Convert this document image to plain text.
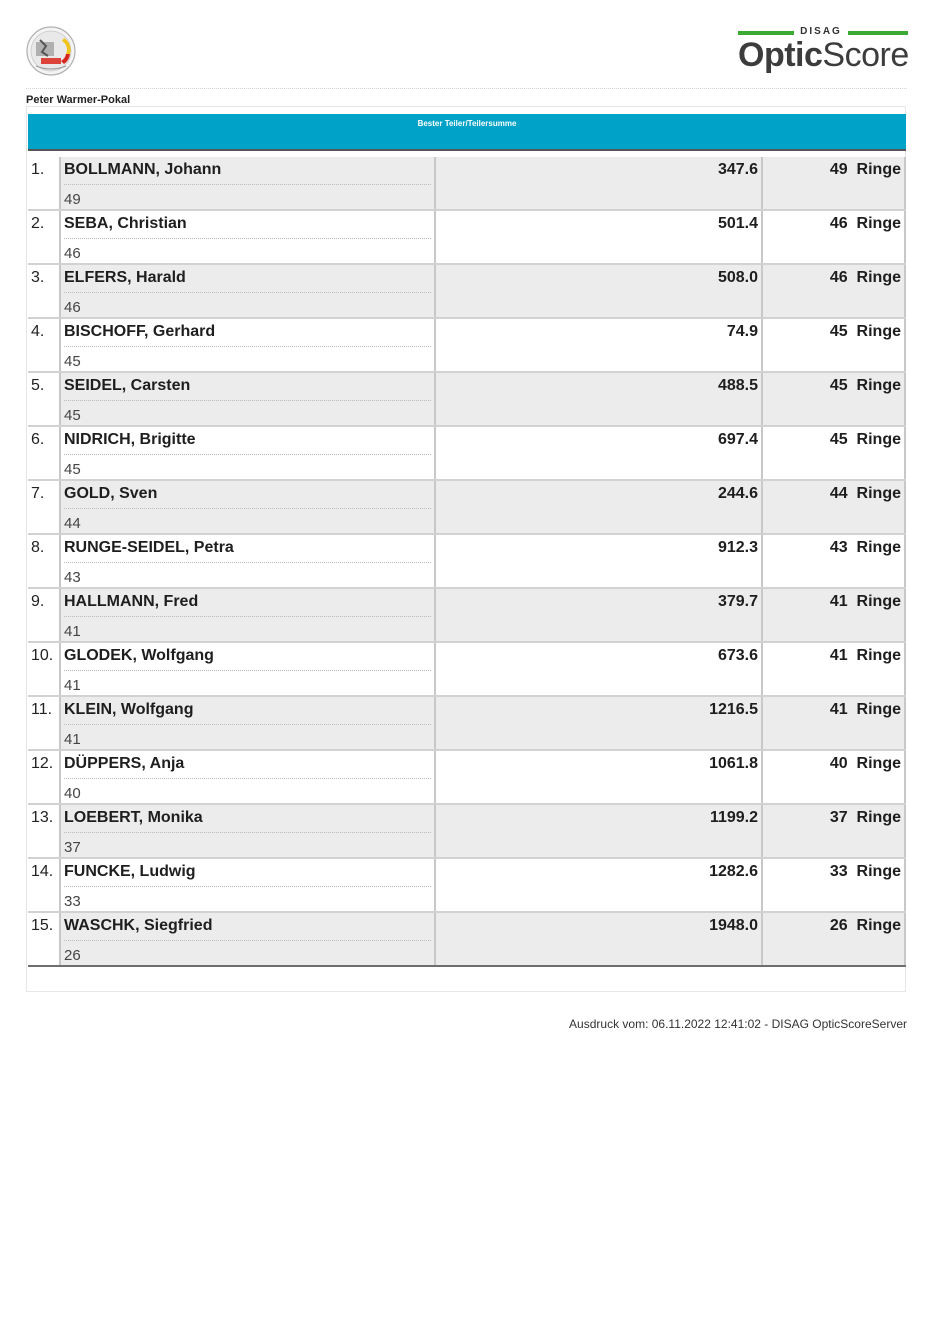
DISAG
OpticScore
Peter Warmer-Pokal
Bester Teiler/Teilersumme
1.	BOLLMANN, Johann
49
347.6	49  Ringe
2.	SEBA, Christian
46
501.4	46  Ringe
3.	ELFERS, Harald
46
508.0	46  Ringe
4.	BISCHOFF, Gerhard
45
74.9	45  Ringe
5.	SEIDEL, Carsten
45
488.5	45  Ringe
6.	NIDRICH, Brigitte
45
697.4	45  Ringe
7.	GOLD, Sven
44
244.6	44  Ringe
8.	RUNGE-SEIDEL, Petra
43
912.3	43  Ringe
9.	HALLMANN, Fred
41
379.7	41  Ringe
10. GLODEK, Wolfgang
41
673.6	41  Ringe
11. KLEIN, Wolfgang
41
1216.5	41  Ringe
12. DÜPPERS, Anja
40
1061.8	40  Ringe
13. LOEBERT, Monika
37
1199.2	37  Ringe
14. FUNCKE, Ludwig
33
1282.6	33  Ringe
15. WASCHK, Siegfried
26
1948.0	26  Ringe
Ausdruck vom: 06.11.2022 12:41:02 - DISAG OpticScoreServer
